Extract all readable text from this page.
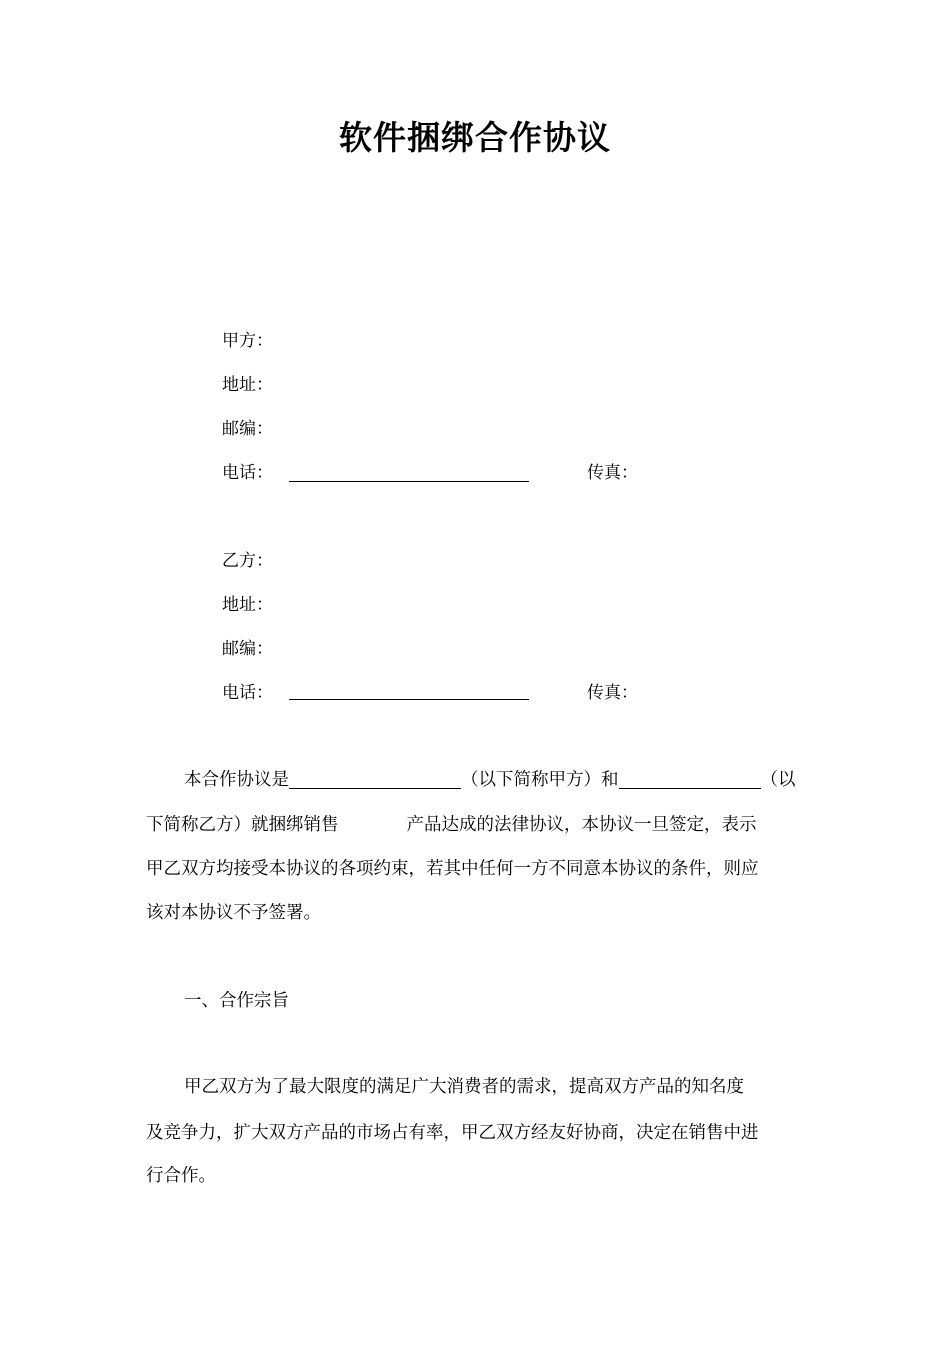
软件捆绑合作协议
甲方：
地址：
邮编：
电话：	传真：
乙方：
地址：
邮编：
电话：	传真：
本合作协议是	（以下简称甲方）和	（以
下简称乙方）就捆绑销售	产品达成的法律协议，本协议一旦签定，表示
甲乙双方均接受本协议的各项约束，若其中任何一方不同意本协议的条件，则应
该对本协议不予签署。
一、合作宗旨
甲乙双方为了最大限度的满足广大消费者的需求，提高双方产品的知名度
及竞争力，扩大双方产品的市场占有率，甲乙双方经友好协商，决定在销售中进
行合作。
